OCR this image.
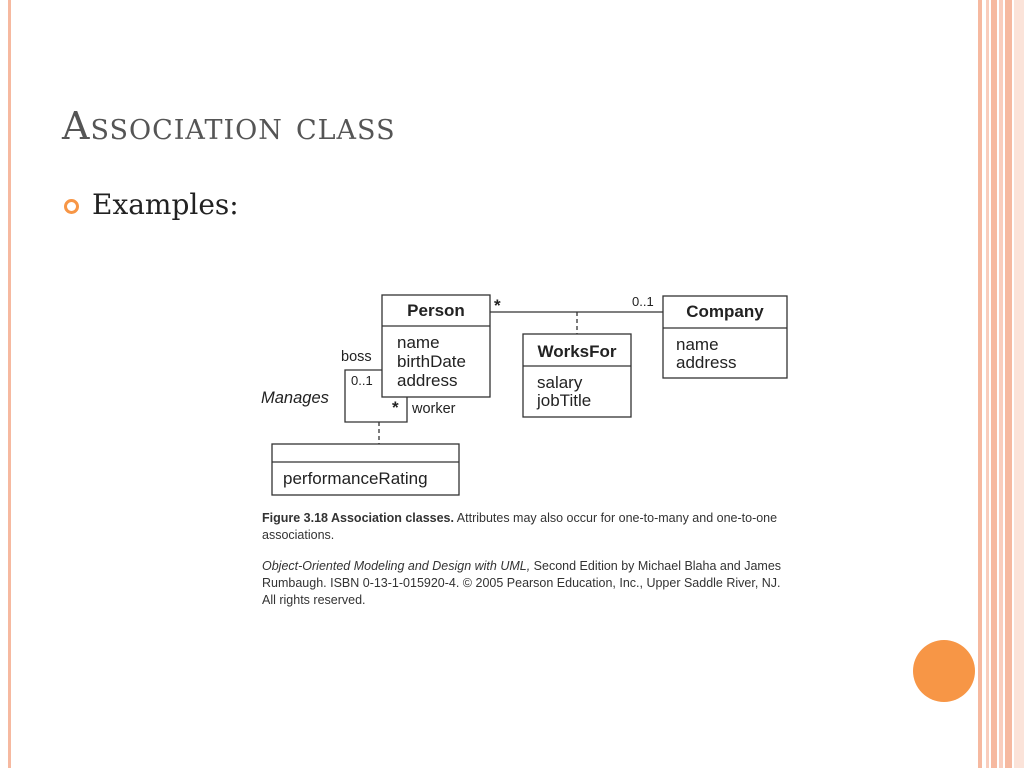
Association class
Examples:
Person	Company
WorksFor
name
birthDate
address
name
address
salary
jobTitle
performanceRating
*	0..1
boss
0..1
Manages	* worker

Figure 3.18 Association classes. Attributes may also occur for one-to-many and one-to-one associations.

Object-Oriented Modeling and Design with UML, Second Edition by Michael Blaha and James Rumbaugh. ISBN 0-13-1-015920-4. © 2005 Pearson Education, Inc., Upper Saddle River, NJ. All rights reserved.
